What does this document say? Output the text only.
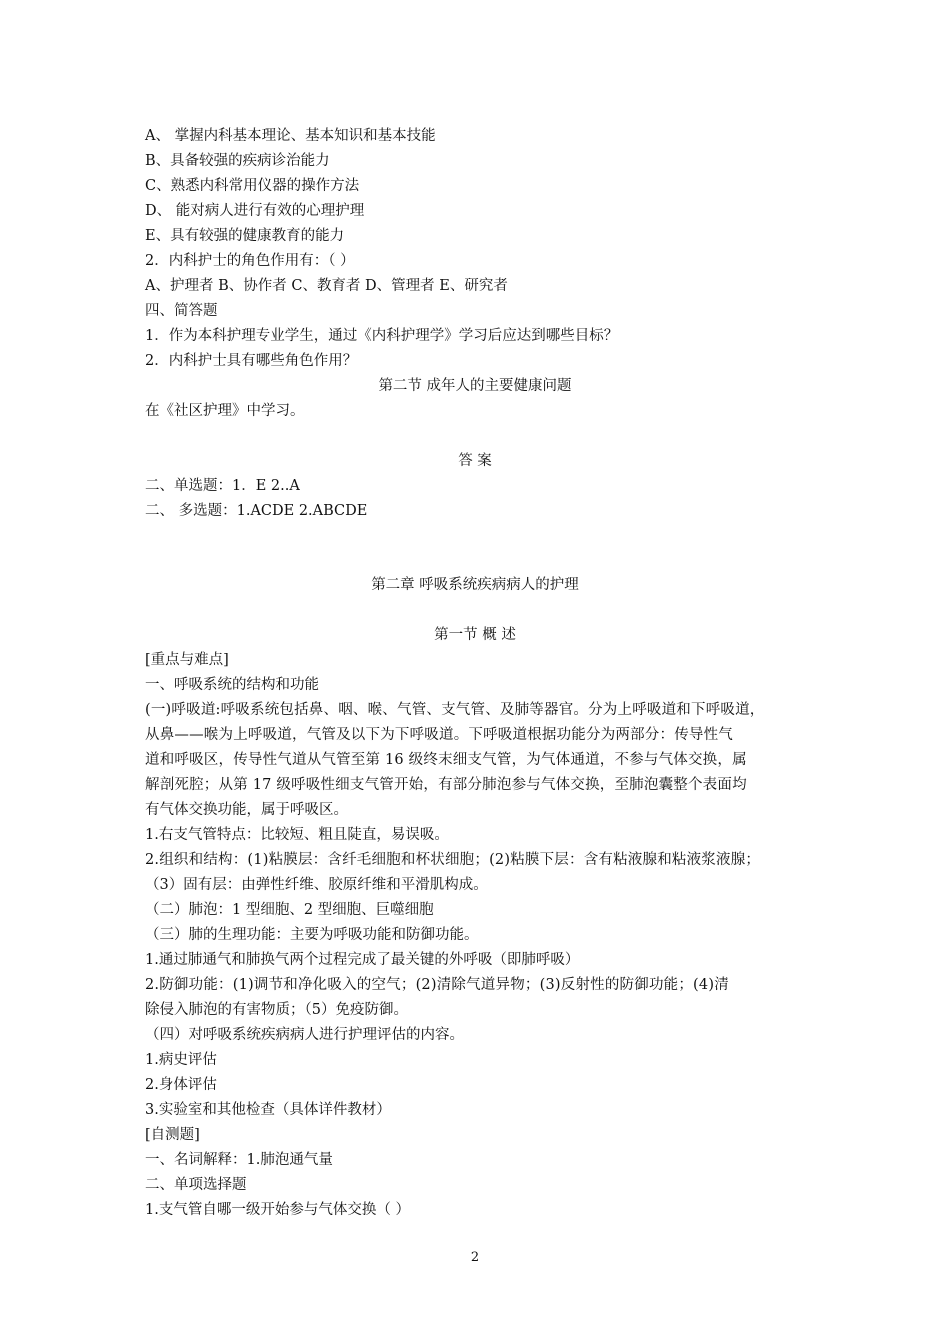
A、 掌握内科基本理论、基本知识和基本技能
B、具备较强的疾病诊治能力
C、熟悉内科常用仪器的操作方法
D、 能对病人进行有效的心理护理
E、具有较强的健康教育的能力
2．内科护士的角色作用有：（ ）
A、护理者 B、协作者 C、教育者 D、管理者 E、研究者
四、简答题
1．作为本科护理专业学生，通过《内科护理学》学习后应达到哪些目标？
2．内科护士具有哪些角色作用？
第二节 成年人的主要健康问题
在《社区护理》中学习。
答 案
二、单选题：1．E 2..A
二、 多选题：1.ACDE 2.ABCDE
第二章 呼吸系统疾病病人的护理
第一节 概 述
[重点与难点]
一、呼吸系统的结构和功能
(一)呼吸道:呼吸系统包括鼻、咽、喉、气管、支气管、及肺等器官。分为上呼吸道和下呼吸道，
从鼻——喉为上呼吸道，气管及以下为下呼吸道。下呼吸道根据功能分为两部分：传导性气
道和呼吸区，传导性气道从气管至第 16 级终末细支气管，为气体通道，不参与气体交换，属
解剖死腔；从第 17 级呼吸性细支气管开始，有部分肺泡参与气体交换，至肺泡囊整个表面均
有气体交换功能，属于呼吸区。
1.右支气管特点：比较短、粗且陡直，易误吸。
2.组织和结构：(1)粘膜层：含纤毛细胞和杯状细胞；(2)粘膜下层：含有粘液腺和粘液浆液腺；
（3）固有层：由弹性纤维、胶原纤维和平滑肌构成。
（二）肺泡：1 型细胞、2 型细胞、巨噬细胞
（三）肺的生理功能：主要为呼吸功能和防御功能。
1.通过肺通气和肺换气两个过程完成了最关键的外呼吸（即肺呼吸）
2.防御功能：(1)调节和净化吸入的空气；(2)清除气道异物；(3)反射性的防御功能；(4)清
除侵入肺泡的有害物质；（5）免疫防御。
（四）对呼吸系统疾病病人进行护理评估的内容。
1.病史评估
2.身体评估
3.实验室和其他检查（具体详件教材）
[自测题]
一、名词解释：1.肺泡通气量
二、单项选择题
1.支气管自哪一级开始参与气体交换（ ）
2
